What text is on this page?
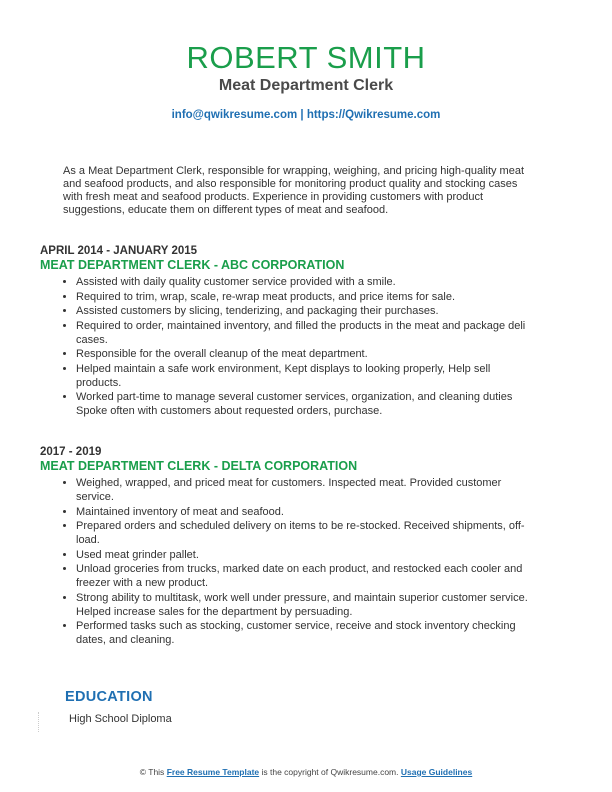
ROBERT SMITH
Meat Department Clerk
info@qwikresume.com | https://Qwikresume.com
As a Meat Department Clerk, responsible for wrapping, weighing, and pricing high-quality meat and seafood products, and also responsible for monitoring product quality and stocking cases with fresh meat and seafood products. Experience in providing customers with product suggestions, educate them on different types of meat and seafood.
APRIL 2014 - JANUARY 2015
MEAT DEPARTMENT CLERK - ABC CORPORATION
• Assisted with daily quality customer service provided with a smile.
• Required to trim, wrap, scale, re-wrap meat products, and price items for sale.
• Assisted customers by slicing, tenderizing, and packaging their purchases.
• Required to order, maintained inventory, and filled the products in the meat and package deli cases.
• Responsible for the overall cleanup of the meat department.
• Helped maintain a safe work environment, Kept displays to looking properly, Help sell products.
• Worked part-time to manage several customer services, organization, and cleaning duties Spoke often with customers about requested orders, purchase.
2017 - 2019
MEAT DEPARTMENT CLERK - DELTA CORPORATION
• Weighed, wrapped, and priced meat for customers. Inspected meat. Provided customer service.
• Maintained inventory of meat and seafood.
• Prepared orders and scheduled delivery on items to be re-stocked. Received shipments, off-load.
• Used meat grinder pallet.
• Unload groceries from trucks, marked date on each product, and restocked each cooler and freezer with a new product.
• Strong ability to multitask, work well under pressure, and maintain superior customer service. Helped increase sales for the department by persuading.
• Performed tasks such as stocking, customer service, receive and stock inventory checking dates, and cleaning.
EDUCATION
High School Diploma
© This Free Resume Template is the copyright of Qwikresume.com. Usage Guidelines
